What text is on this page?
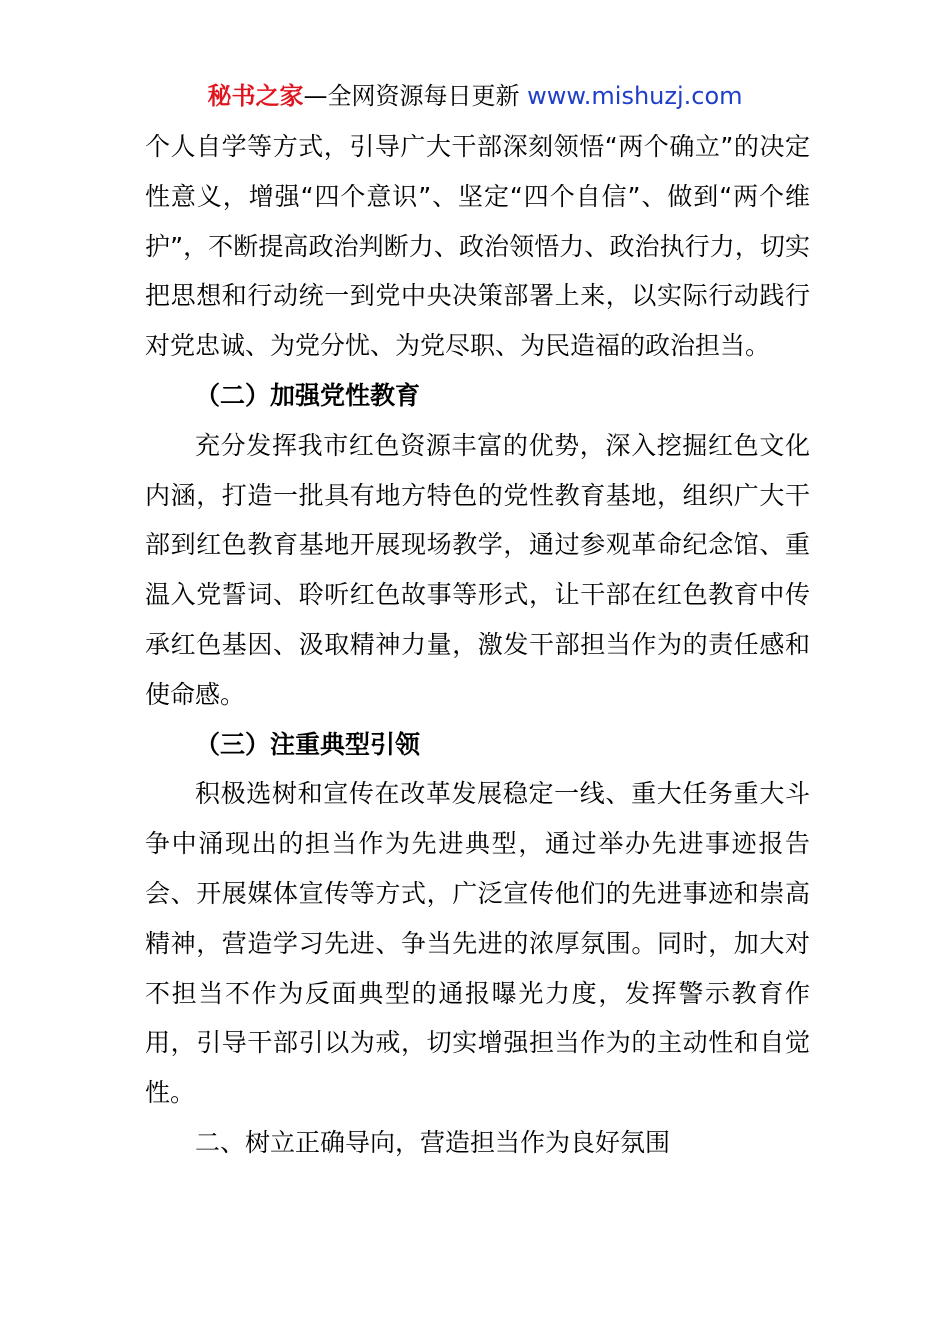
秘书之家—全网资源每日更新 www.mishuzj.com

个人自学等方式，引导广大干部深刻领悟“两个确立”的决定性意义，增强“四个意识”、坚定“四个自信”、做到“两个维护”，不断提高政治判断力、政治领悟力、政治执行力，切实把思想和行动统一到党中央决策部署上来，以实际行动践行对党忠诚、为党分忧、为党尽职、为民造福的政治担当。

（二）加强党性教育

充分发挥我市红色资源丰富的优势，深入挖掘红色文化内涵，打造一批具有地方特色的党性教育基地，组织广大干部到红色教育基地开展现场教学，通过参观革命纪念馆、重温入党誓词、聆听红色故事等形式，让干部在红色教育中传承红色基因、汲取精神力量，激发干部担当作为的责任感和使命感。

（三）注重典型引领

积极选树和宣传在改革发展稳定一线、重大任务重大斗争中涌现出的担当作为先进典型，通过举办先进事迹报告会、开展媒体宣传等方式，广泛宣传他们的先进事迹和崇高精神，营造学习先进、争当先进的浓厚氛围。同时，加大对不担当不作为反面典型的通报曝光力度，发挥警示教育作用，引导干部引以为戒，切实增强担当作为的主动性和自觉性。

二、树立正确导向，营造担当作为良好氛围
